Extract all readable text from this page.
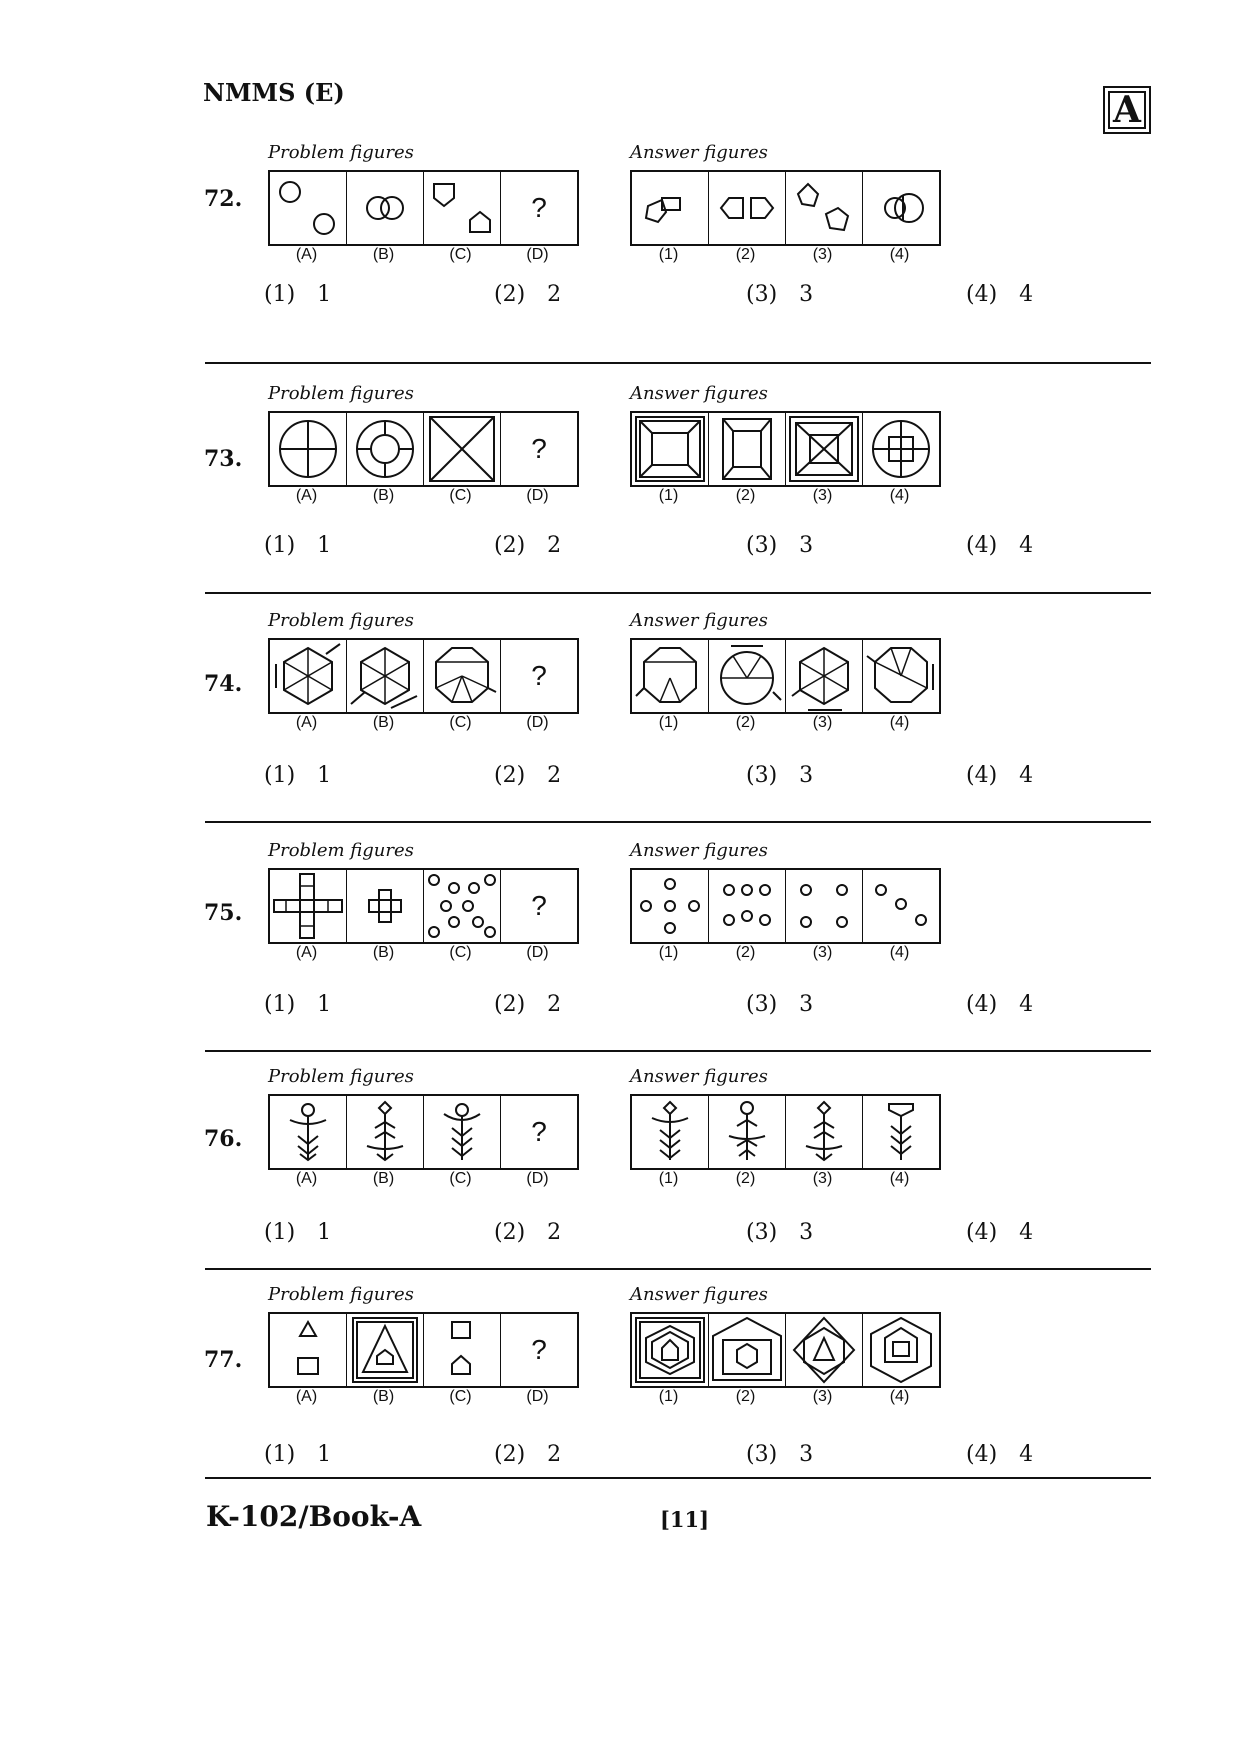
NMMS (E)	A
72.
Problem figures	Answer figures
?
(A)	(B)	(C)	(D)	(1)	(2)	(3)	(4)
(1) 1	(2) 2	(3) 3	(4) 4
73.
Problem figures	Answer figures
?
(A)	(B)	(C)	(D)	(1)	(2)	(3)	(4)
(1) 1	(2) 2	(3) 3	(4) 4
74.
Problem figures	Answer figures
?
(A)	(B)	(C)	(D)	(1)	(2)	(3)	(4)
(1) 1	(2) 2	(3) 3	(4) 4
75.
Problem figures	Answer figures
?
(A)	(B)	(C)	(D)	(1)	(2)	(3)	(4)
(1) 1	(2) 2	(3) 3	(4) 4
76.
Problem figures	Answer figures
?
(A)	(B)	(C)	(D)	(1)	(2)	(3)	(4)
(1) 1	(2) 2	(3) 3	(4) 4
77.
Problem figures	Answer figures
?
(A)	(B)	(C)	(D)	(1)	(2)	(3)	(4)
(1) 1	(2) 2	(3) 3	(4) 4
K-102/Book-A	[11]
